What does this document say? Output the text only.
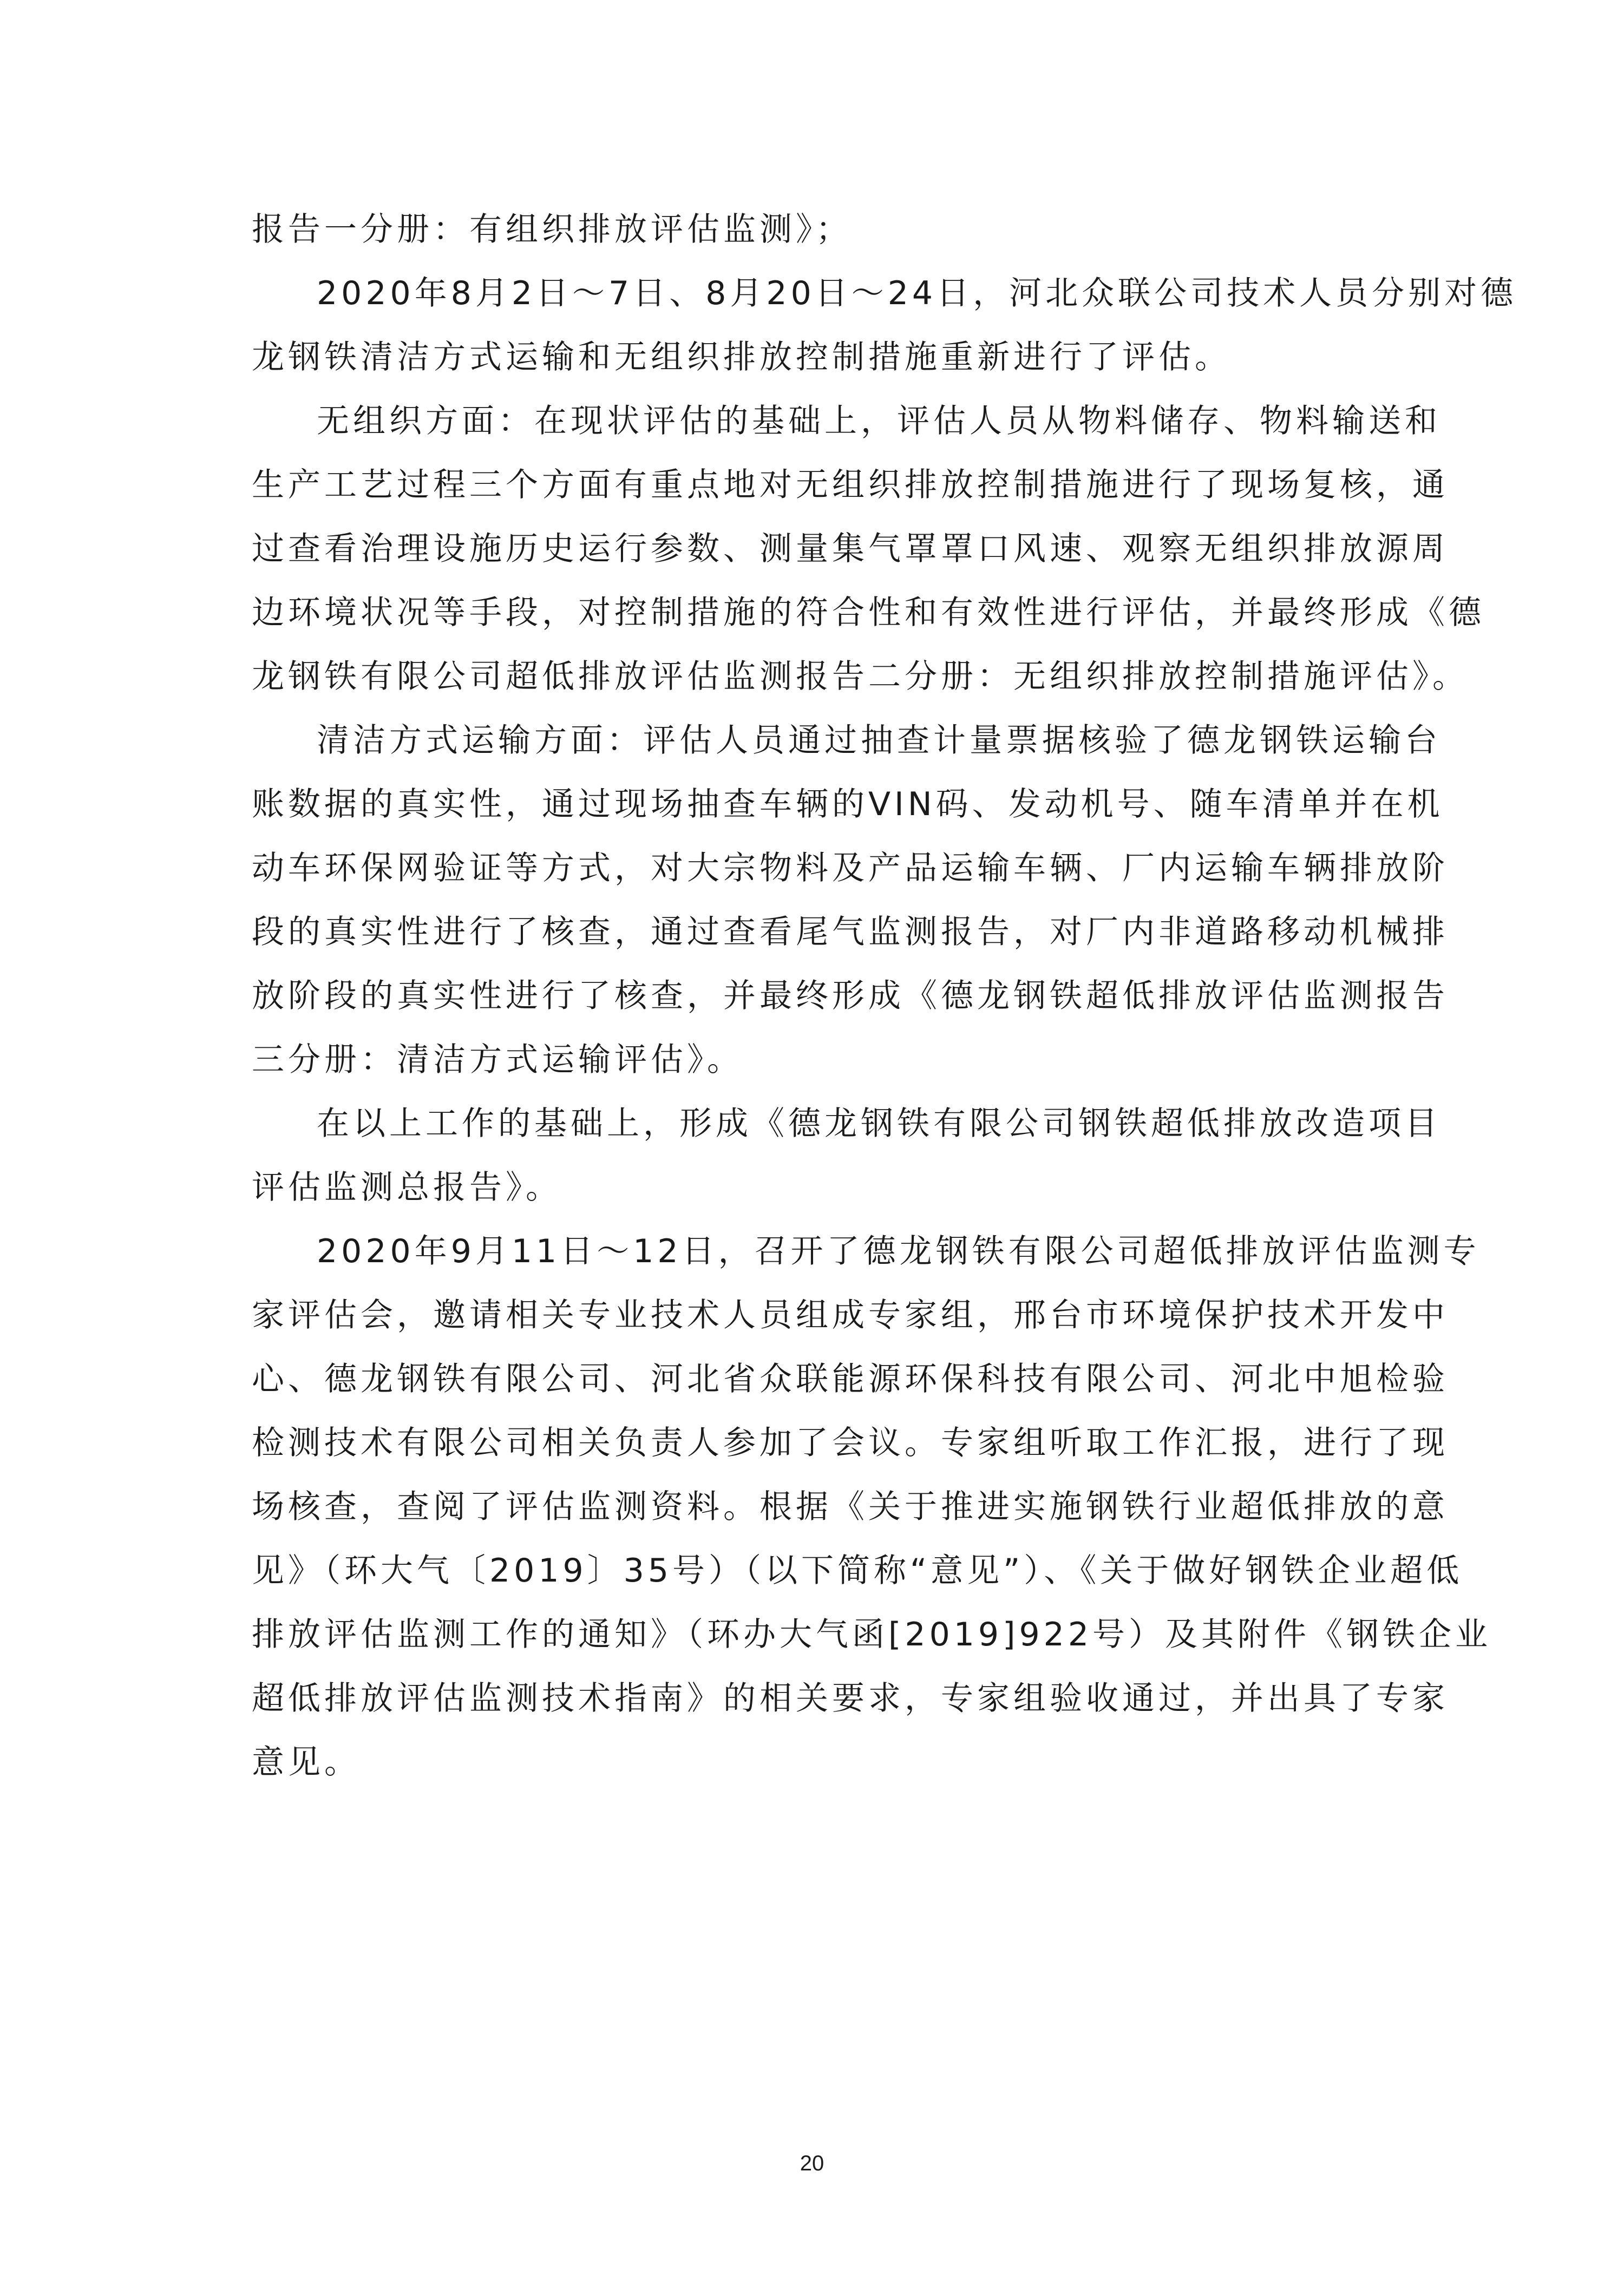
报告一分册：有组织排放评估监测》；
2020年8月2日～7日、8月20日～24日，河北众联公司技术人员分别对德
龙钢铁清洁方式运输和无组织排放控制措施重新进行了评估。
无组织方面：在现状评估的基础上，评估人员从物料储存、物料输送和
生产工艺过程三个方面有重点地对无组织排放控制措施进行了现场复核，通
过查看治理设施历史运行参数、测量集气罩罩口风速、观察无组织排放源周
边环境状况等手段，对控制措施的符合性和有效性进行评估，并最终形成《德
龙钢铁有限公司超低排放评估监测报告二分册：无组织排放控制措施评估》。
清洁方式运输方面：评估人员通过抽查计量票据核验了德龙钢铁运输台
账数据的真实性，通过现场抽查车辆的VIN码、发动机号、随车清单并在机
动车环保网验证等方式，对大宗物料及产品运输车辆、厂内运输车辆排放阶
段的真实性进行了核查，通过查看尾气监测报告，对厂内非道路移动机械排
放阶段的真实性进行了核查，并最终形成《德龙钢铁超低排放评估监测报告
三分册：清洁方式运输评估》。
在以上工作的基础上，形成《德龙钢铁有限公司钢铁超低排放改造项目
评估监测总报告》。
2020年9月11日～12日，召开了德龙钢铁有限公司超低排放评估监测专
家评估会，邀请相关专业技术人员组成专家组，邢台市环境保护技术开发中
心、德龙钢铁有限公司、河北省众联能源环保科技有限公司、河北中旭检验
检测技术有限公司相关负责人参加了会议。专家组听取工作汇报，进行了现
场核查，查阅了评估监测资料。根据《关于推进实施钢铁行业超低排放的意
见》（环大气〔2019〕35号）（以下简称“意见”）、《关于做好钢铁企业超低
排放评估监测工作的通知》（环办大气函[2019]922号）及其附件《钢铁企业
超低排放评估监测技术指南》的相关要求，专家组验收通过，并出具了专家
意见。
20
